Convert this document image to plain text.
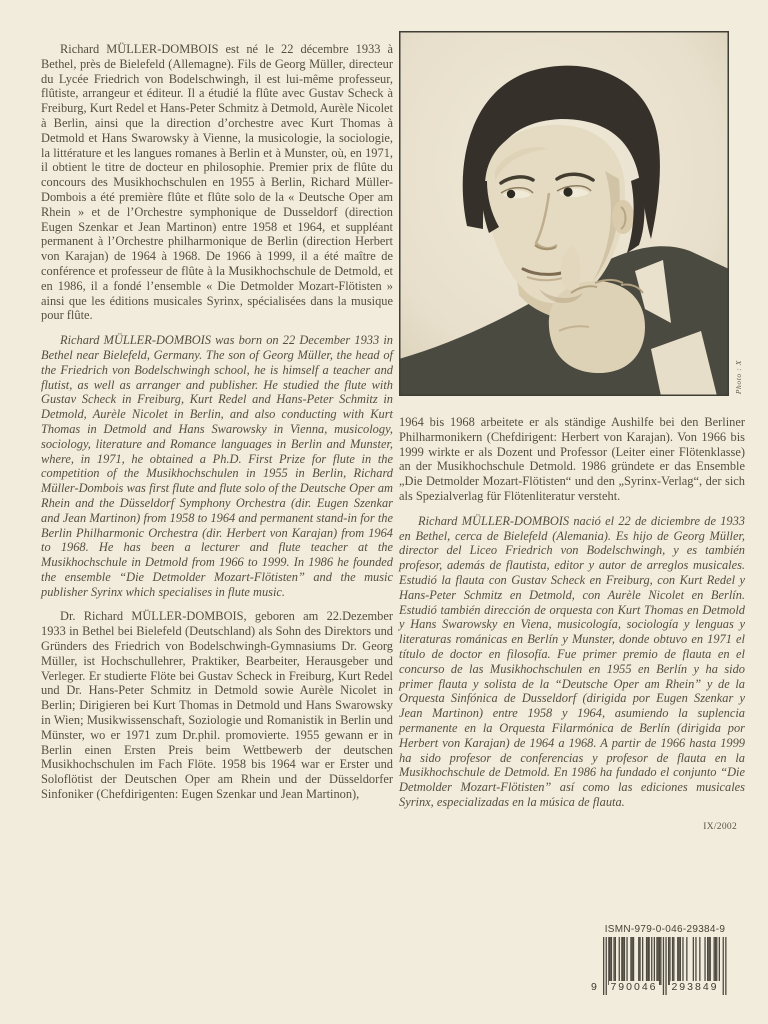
Richard MÜLLER-DOMBOIS est né le 22 décembre 1933 à Bethel, près de Bielefeld (Allemagne). Fils de Georg Müller, directeur du Lycée Friedrich von Bodelschwingh, il est lui-même professeur, flûtiste, arrangeur et éditeur. Il a étudié la flûte avec Gustav Scheck à Freiburg, Kurt Redel et Hans-Peter Schmitz à Detmold, Aurèle Nicolet à Berlin, ainsi que la direction d’orchestre avec Kurt Thomas à Detmold et Hans Swarowsky à Vienne, la musicologie, la sociologie, la littérature et les langues romanes à Berlin et à Munster, où, en 1971, il obtient le titre de docteur en philosophie. Premier prix de flûte du concours des Musikhochschulen en 1955 à Berlin, Richard Müller-Dombois a été première flûte et flûte solo de la « Deutsche Oper am Rhein » et de l’Orchestre symphonique de Dusseldorf (direction Eugen Szenkar et Jean Martinon) entre 1958 et 1964, et suppléant permanent à l’Orchestre philharmonique de Berlin (direction Herbert von Karajan) de 1964 à 1968. De 1966 à 1999, il a été maître de conférence et professeur de flûte à la Musikhochschule de Detmold, et en 1986, il a fondé l’ensemble « Die Detmolder Mozart-Flötisten » ainsi que les éditions musicales Syrinx, spécialisées dans la musique pour flûte.

Richard MÜLLER-DOMBOIS was born on 22 December 1933 in Bethel near Bielefeld, Germany. The son of Georg Müller, the head of the Friedrich von Bodelschwingh school, he is himself a teacher and flutist, as well as arranger and publisher. He studied the flute with Gustav Scheck in Freiburg, Kurt Redel and Hans-Peter Schmitz in Detmold, Aurèle Nicolet in Berlin, and also conducting with Kurt Thomas in Detmold and Hans Swarowsky in Vienna, musicology, sociology, literature and Romance languages in Berlin and Munster, where, in 1971, he obtained a Ph.D. First Prize for flute in the competition of the Musikhochschulen in 1955 in Berlin, Richard Müller-Dombois was first flute and flute solo of the Deutsche Oper am Rhein and the Düsseldorf Symphony Orchestra (dir. Eugen Szenkar and Jean Martinon) from 1958 to 1964 and permanent stand-in for the Berlin Philharmonic Orchestra (dir. Herbert von Karajan) from 1964 to 1968. He has been a lecturer and flute teacher at the Musikhochschule in Detmold from 1966 to 1999. In 1986 he founded the ensemble “Die Detmolder Mozart-Flötisten” and the music publisher Syrinx which specialises in flute music.

Dr. Richard MÜLLER-DOMBOIS, geboren am 22.Dezember 1933 in Bethel bei Bielefeld (Deutschland) als Sohn des Direktors und Gründers des Friedrich von Bodelschwingh-Gymnasiums Dr. Georg Müller, ist Hochschullehrer, Praktiker, Bearbeiter, Herausgeber und Verleger. Er studierte Flöte bei Gustav Scheck in Freiburg, Kurt Redel und Dr. Hans-Peter Schmitz in Detmold sowie Aurèle Nicolet in Berlin; Dirigieren bei Kurt Thomas in Detmold und Hans Swarowsky in Wien; Musikwissenschaft, Soziologie und Romanistik in Berlin und Münster, wo er 1971 zum Dr.phil. promovierte. 1955 gewann er in Berlin einen Ersten Preis beim Wettbewerb der deutschen Musikhochschulen im Fach Flöte. 1958 bis 1964 war er Erster und Soloflötist der Deutschen Oper am Rhein und der Düsseldorfer Sinfoniker (Chefdirigenten: Eugen Szenkar und Jean Martinon),

Photo : X

1964 bis 1968 arbeitete er als ständige Aushilfe bei den Berliner Philharmonikern (Chefdirigent: Herbert von Karajan). Von 1966 bis 1999 wirkte er als Dozent und Professor (Leiter einer Flötenklasse) an der Musikhochschule Detmold. 1986 gründete er das Ensemble „Die Detmolder Mozart-Flötisten“ und den „Syrinx-Verlag“, der sich als Spezialverlag für Flötenliteratur versteht.

Richard MÜLLER-DOMBOIS nació el 22 de diciembre de 1933 en Bethel, cerca de Bielefeld (Alemania). Es hijo de Georg Müller, director del Liceo Friedrich von Bodelschwingh, y es también profesor, además de flautista, editor y autor de arreglos musicales. Estudió la flauta con Gustav Scheck en Freiburg, con Kurt Redel y Hans-Peter Schmitz en Detmold, con Aurèle Nicolet en Berlín. Estudió también dirección de orquesta con Kurt Thomas en Detmold y Hans Swarowsky en Viena, musicología, sociología y lenguas y literaturas románicas en Berlín y Munster, donde obtuvo en 1971 el título de doctor en filosofía. Fue primer premio de flauta en el concurso de las Musikhochschulen en 1955 en Berlín y ha sido primer flauta y solista de la “Deutsche Oper am Rhein” y de la Orquesta Sinfónica de Dusseldorf (dirigida por Eugen Szenkar y Jean Martinon) entre 1958 y 1964, asumiendo la suplencia permanente en la Orquesta Filarmónica de Berlín (dirigida por Herbert von Karajan) de 1964 a 1968. A partir de 1966 hasta 1999 ha sido profesor de conferencias y profesor de flauta en la Musikhochschule de Detmold. En 1986 ha fundado el conjunto “Die Detmolder Mozart-Flötisten” así como las ediciones musicales Syrinx, especializadas en la música de flauta.

IX/2002
ISMN-979-0-046-29384-9
9 790046 293849
